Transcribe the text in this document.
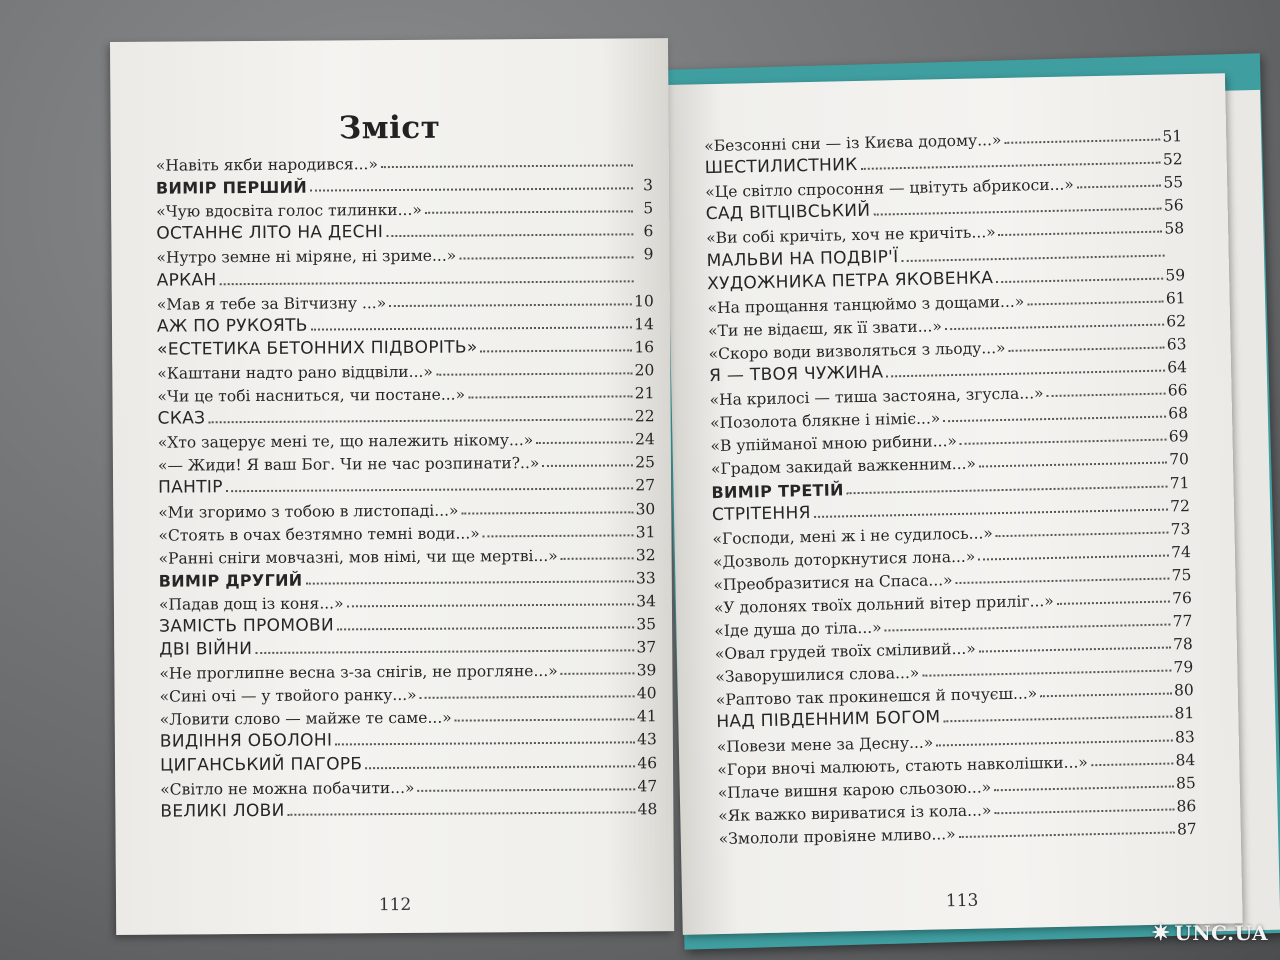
«Безсонні сни — із Києва додому...»	51
ШЕСТИЛИСТНИК	52
«Це світло спросоння — цвітуть абрикоси...»	55
САД ВІТЦІВСЬКИЙ	56
«Ви собі кричіть, хоч не кричіть...»	58
МАЛЬВИ НА ПОДВІР'Ї
ХУДОЖНИКА ПЕТРА ЯКОВЕНКА	59
«На прощання танцюймо з дощами...»	61
«Ти не відаєш, як її звати...»	62
«Скоро води визволяться з льоду...»	63
Я — ТВОЯ ЧУЖИНА	64
«На крилосі — тиша застояна, згусла...»	66
«Позолота блякне і німіє...»	68
«В упійманої мною рибини...»	69
«Градом закидай важкенним...»	70
ВИМІР ТРЕТІЙ	71
СТРІТЕННЯ	72
«Господи, мені ж і не судилось...»	73
«Дозволь доторкнутися лона...»	74
«Преобразитися на Спаса...»	75
«У долонях твоїх дольний вітер приліг...»	76
«Іде душа до тіла...»	77
«Овал грудей твоїх сміливий...»	78
«Заворушилися слова...»	79
«Раптово так прокинешся й почуєш...»	80
НАД ПІВДЕННИМ БОГОМ	81
«Повези мене за Десну...»	83
«Гори вночі малюють, стають навколішки...»	84
«Плаче вишня карою сльозою...»	85
«Як важко вириватися із кола...»	86
«Змололи провіяне мливо...»	87
113
Зміст
«Навіть якби народився...»
ВИМІР ПЕРШИЙ	3
«Чую вдосвіта голос тилинки...»	5
ОСТАННЄ ЛІТО НА ДЕСНІ	6
«Нутро земне ні міряне, ні зриме...»	9
АРКАН
«Мав я тебе за Вітчизну ...»	10
АЖ ПО РУКОЯТЬ	14
«ЕСТЕТИКА БЕТОННИХ ПІДВОРІТЬ»	16
«Каштани надто рано відцвіли...»	20
«Чи це тобі насниться, чи постане...»	21
СКАЗ	22
«Хто зацерує мені те, що належить нікому...»	24
«— Жиди! Я ваш Бог. Чи не час розпинати?..»	25
ПАНТІР	27
«Ми згоримо з тобою в листопаді...»	30
«Стоять в очах безтямно темні води...»	31
«Ранні сніги мовчазні, мов німі, чи ще мертві...»	32
ВИМІР ДРУГИЙ	33
«Падав дощ із коня...»	34
ЗАМІСТЬ ПРОМОВИ	35
ДВІ ВІЙНИ	37
«Не проглипне весна з-за снігів, не проглянe...»	39
«Сині очі — у твойого ранку...»	40
«Ловити слово — майже те саме...»	41
ВИДІННЯ ОБОЛОНІ	43
ЦИГАНСЬКИЙ ПАГОРБ	46
«Світло не можна побачити...»	47
ВЕЛИКІ ЛОВИ	48
112
✷ UNC.UA
